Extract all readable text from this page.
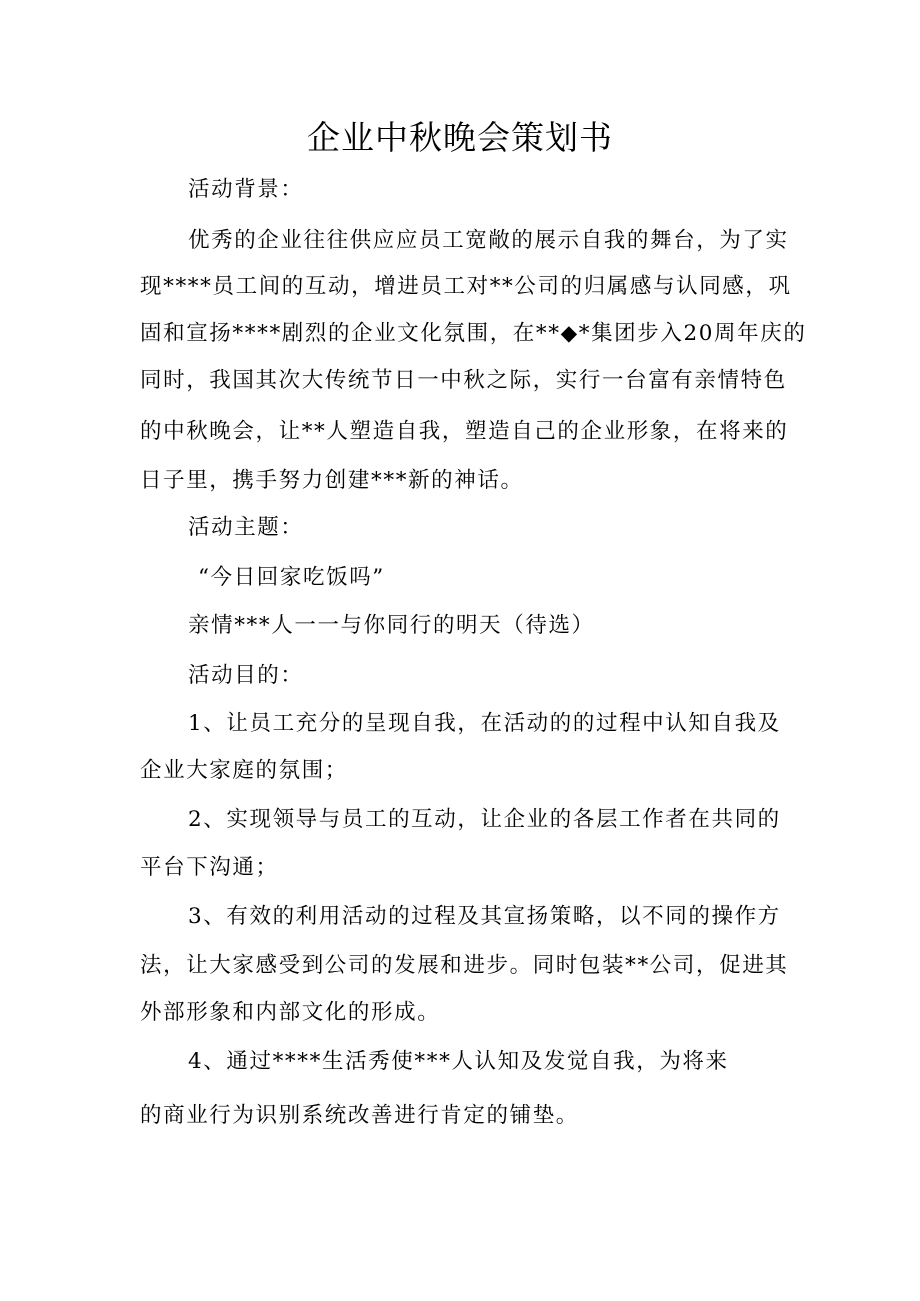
企业中秋晚会策划书
活动背景：
优秀的企业往往供应应员工宽敞的展示自我的舞台，为了实
现****员工间的互动，增进员工对**公司的归属感与认同感，巩
固和宣扬****剧烈的企业文化氛围，在**◆*集团步入20周年庆的
同时，我国其次大传统节日一中秋之际，实行一台富有亲情特色
的中秋晚会，让**人塑造自我，塑造自己的企业形象，在将来的
日子里，携手努力创建***新的神话。
活动主题：
“今日回家吃饭吗”
亲情***人一一与你同行的明天（待选）
活动目的：
1、让员工充分的呈现自我，在活动的的过程中认知自我及
企业大家庭的氛围；
2、实现领导与员工的互动，让企业的各层工作者在共同的
平台下沟通；
3、有效的利用活动的过程及其宣扬策略，以不同的操作方
法，让大家感受到公司的发展和进步。同时包装**公司，促进其
外部形象和内部文化的形成。
4、通过****生活秀使***人认知及发觉自我，为将来
的商业行为识别系统改善进行肯定的铺垫。
